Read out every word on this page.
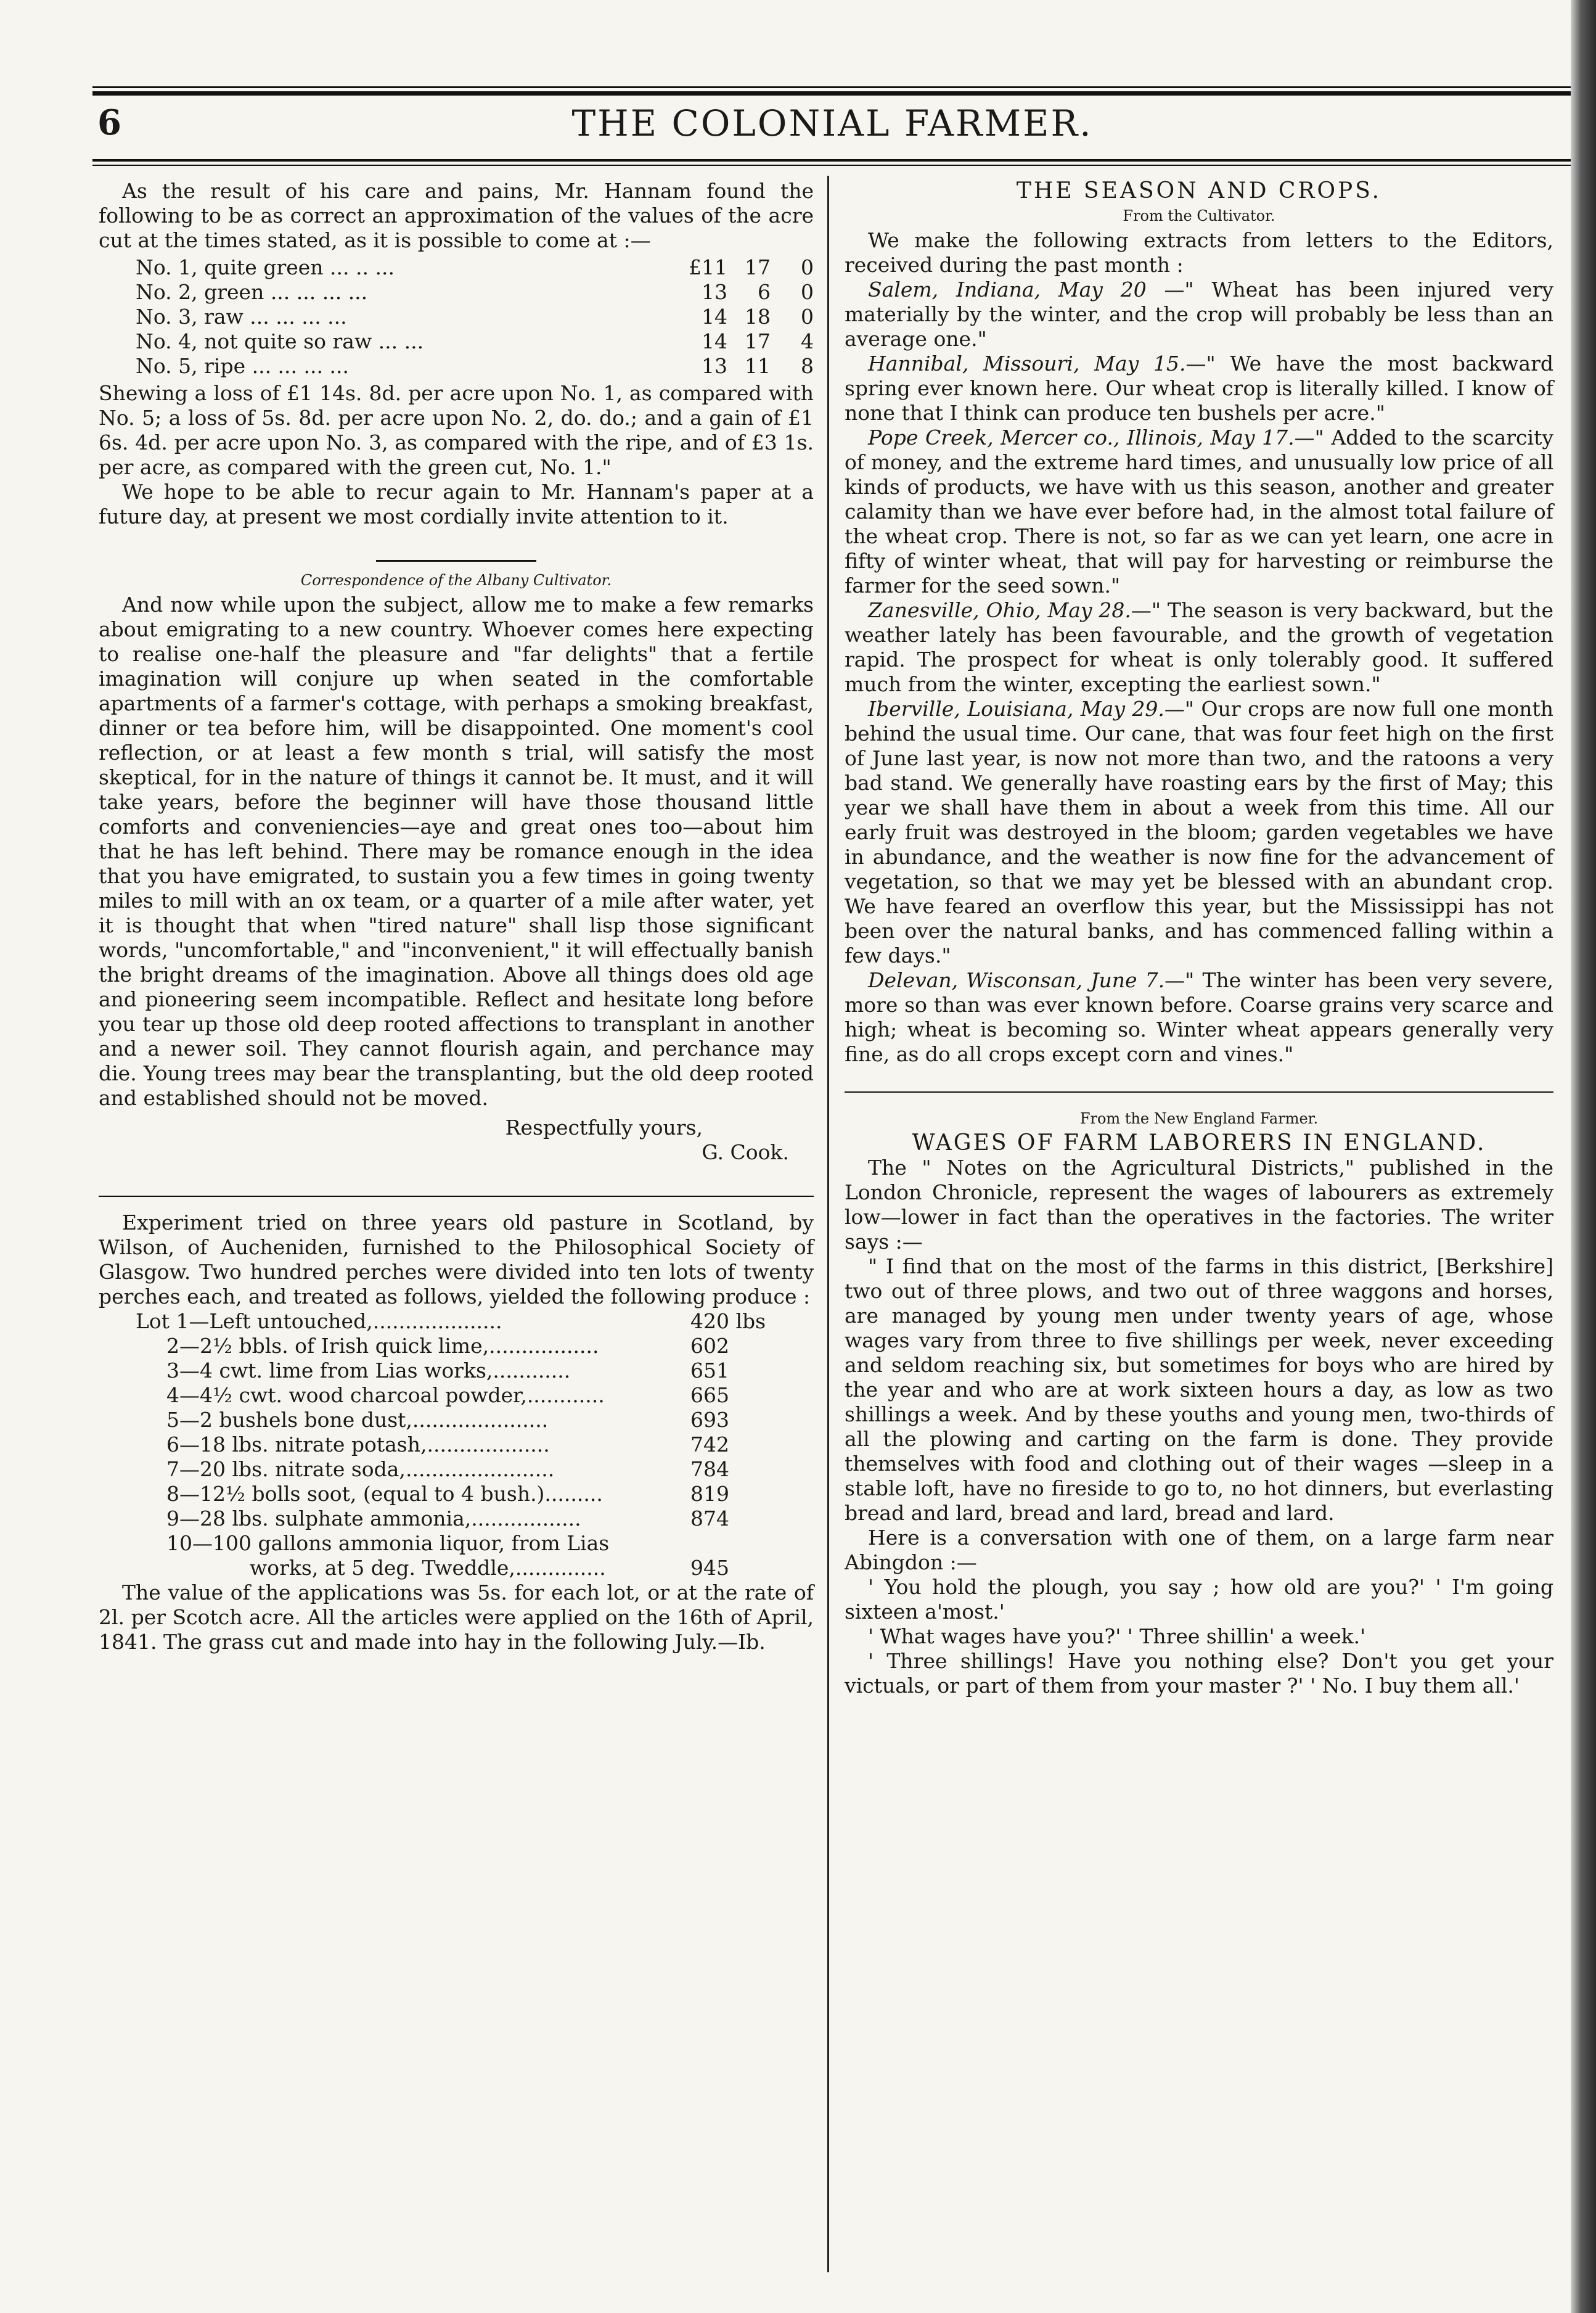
6	THE COLONIAL FARMER.

As the result of his care and pains, Mr. Hannam found the following to be as correct an approximation of the values of the acre cut at the times stated, as it is possible to come at :—

No. 1, quite green ... .. ...	£11 17	0
No. 2, green ... ... ... ...	13	6	0
No. 3, raw ... ... ... ...	14 18	0
No. 4, not quite so raw ... ...	14 17	4
No. 5, ripe ... ... ... ...	13 11	8

Shewing a loss of £1 14s. 8d. per acre upon No. 1, as compared with No. 5; a loss of 5s. 8d. per acre upon No. 2, do. do.; and a gain of £1 6s. 4d. per acre upon No. 3, as compared with the ripe, and of £3 1s. per acre, as compared with the green cut, No. 1."

We hope to be able to recur again to Mr. Hannam's paper at a future day, at present we most cordially invite attention to it.

Correspondence of the Albany Cultivator.

And now while upon the subject, allow me to make a few remarks about emigrating to a new country. Whoever comes here expecting to realise one-half the pleasure and "far delights" that a fertile imagination will conjure up when seated in the comfortable apartments of a farmer's cottage, with perhaps a smoking breakfast, dinner or tea before him, will be disappointed. One moment's cool reflection, or at least a few month s trial, will satisfy the most skeptical, for in the nature of things it cannot be. It must, and it will take years, before the beginner will have those thousand little comforts and conveniencies—aye and great ones too—about him that he has left behind. There may be romance enough in the idea that you have emigrated, to sustain you a few times in going twenty miles to mill with an ox team, or a quarter of a mile after water, yet it is thought that when "tired nature" shall lisp those significant words, "uncomfortable," and "inconvenient," it will effectually banish the bright dreams of the imagination. Above all things does old age and pioneering seem incompatible. Reflect and hesitate long before you tear up those old deep rooted affections to transplant in another and a newer soil. They cannot flourish again, and perchance may die. Young trees may bear the transplanting, but the old deep rooted and established should not be moved.

Respectfully yours,

G. Cook.

Experiment tried on three years old pasture in Scotland, by Wilson, of Aucheniden, furnished to the Philosophical Society of Glasgow. Two hundred perches were divided into ten lots of twenty perches each, and treated as follows, yielded the following produce :

Lot 1—Left untouched,....................	420 lbs
2—2½ bbls. of Irish quick lime,.................	602
3—4 cwt. lime from Lias works,............	651
4—4½ cwt. wood charcoal powder,............	665
5—2 bushels bone dust,.....................	693
6—18 lbs. nitrate potash,...................	742
7—20 lbs. nitrate soda,.......................	784
8—12½ bolls soot, (equal to 4 bush.).........	819
9—28 lbs. sulphate ammonia,.................	874
10—100 gallons ammonia liquor, from Lias
works, at 5 deg. Tweddle,..............	945

The value of the applications was 5s. for each lot, or at the rate of 2l. per Scotch acre. All the articles were applied on the 16th of April, 1841. The grass cut and made into hay in the following July.—Ib.

THE SEASON AND CROPS.

From the Cultivator.

We make the following extracts from letters to the Editors, received during the past month :

Salem, Indiana, May 20 —" Wheat has been injured very materially by the winter, and the crop will probably be less than an average one."

Hannibal, Missouri, May 15.—" We have the most backward spring ever known here. Our wheat crop is literally killed. I know of none that I think can produce ten bushels per acre."

Pope Creek, Mercer co., Illinois, May 17.—" Added to the scarcity of money, and the extreme hard times, and unusually low price of all kinds of products, we have with us this season, another and greater calamity than we have ever before had, in the almost total failure of the wheat crop. There is not, so far as we can yet learn, one acre in fifty of winter wheat, that will pay for harvesting or reimburse the farmer for the seed sown."

Zanesville, Ohio, May 28.—" The season is very backward, but the weather lately has been favourable, and the growth of vegetation rapid. The prospect for wheat is only tolerably good. It suffered much from the winter, excepting the earliest sown."

Iberville, Louisiana, May 29.—" Our crops are now full one month behind the usual time. Our cane, that was four feet high on the first of June last year, is now not more than two, and the ratoons a very bad stand. We generally have roasting ears by the first of May; this year we shall have them in about a week from this time. All our early fruit was destroyed in the bloom; garden vegetables we have in abundance, and the weather is now fine for the advancement of vegetation, so that we may yet be blessed with an abundant crop. We have feared an overflow this year, but the Mississippi has not been over the natural banks, and has commenced falling within a few days."

Delevan, Wisconsan, June 7.—" The winter has been very severe, more so than was ever known before. Coarse grains very scarce and high; wheat is becoming so. Winter wheat appears generally very fine, as do all crops except corn and vines."

From the New England Farmer.

WAGES OF FARM LABORERS IN ENGLAND.

The " Notes on the Agricultural Districts," published in the London Chronicle, represent the wages of labourers as extremely low—lower in fact than the operatives in the factories. The writer says :—

" I find that on the most of the farms in this district, [Berkshire] two out of three plows, and two out of three waggons and horses, are managed by young men under twenty years of age, whose wages vary from three to five shillings per week, never exceeding and seldom reaching six, but sometimes for boys who are hired by the year and who are at work sixteen hours a day, as low as two shillings a week. And by these youths and young men, two-thirds of all the plowing and carting on the farm is done. They provide themselves with food and clothing out of their wages —sleep in a stable loft, have no fireside to go to, no hot dinners, but everlasting bread and lard, bread and lard, bread and lard.

Here is a conversation with one of them, on a large farm near Abingdon :—

' You hold the plough, you say ; how old are you?' ' I'm going sixteen a'most.'

' What wages have you?' ' Three shillin' a week.'

' Three shillings! Have you nothing else? Don't you get your victuals, or part of them from your master ?' ' No. I buy them all.'
